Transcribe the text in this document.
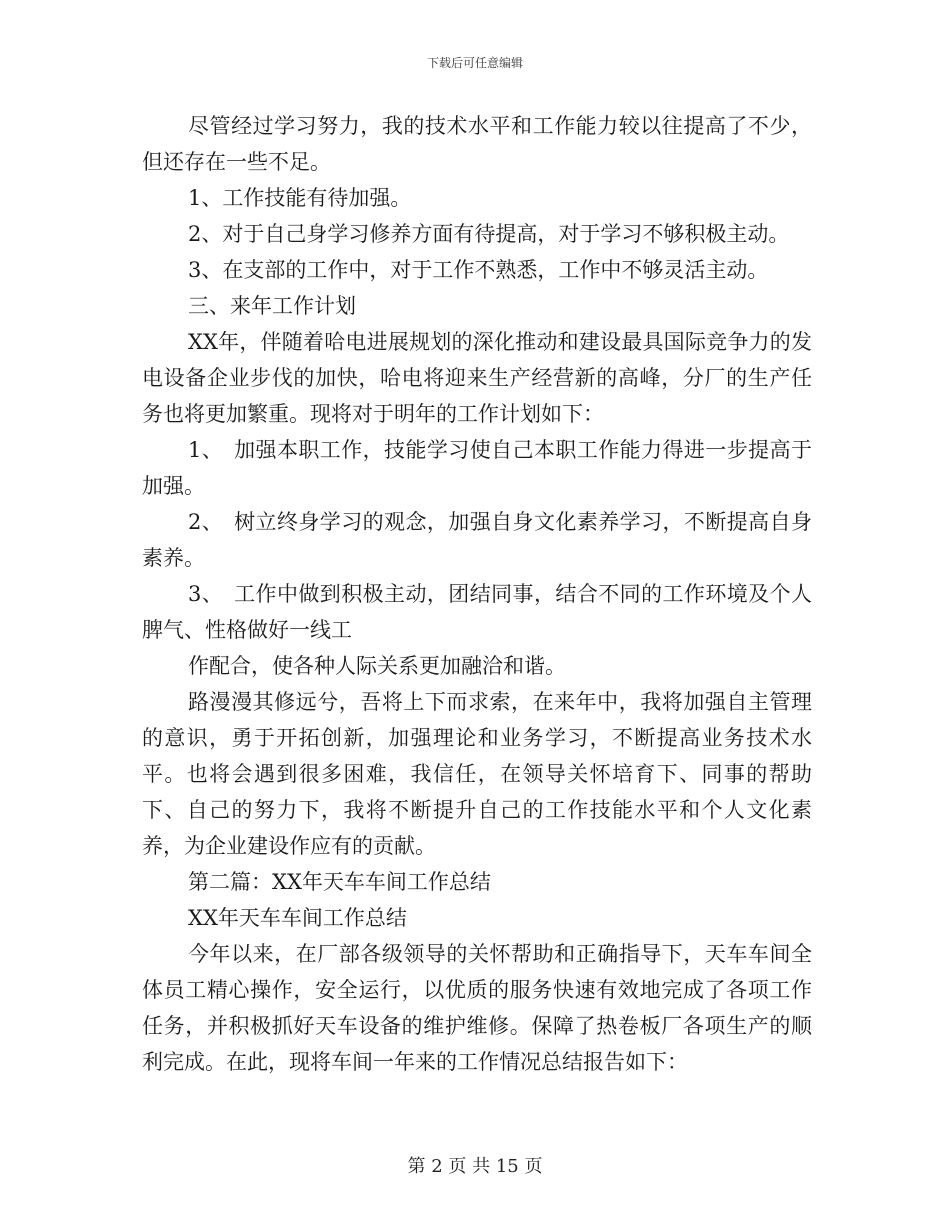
下载后可任意编辑

尽管经过学习努力，我的技术水平和工作能力较以往提高了不少，但还存在一些不足。

1、工作技能有待加强。

2、对于自己身学习修养方面有待提高，对于学习不够积极主动。

3、在支部的工作中，对于工作不熟悉，工作中不够灵活主动。

三、来年工作计划

XX年，伴随着哈电进展规划的深化推动和建设最具国际竞争力的发电设备企业步伐的加快，哈电将迎来生产经营新的高峰，分厂的生产任务也将更加繁重。现将对于明年的工作计划如下：

1、　加强本职工作，技能学习使自己本职工作能力得进一步提高于加强。

2、　树立终身学习的观念，加强自身文化素养学习，不断提高自身素养。

3、　工作中做到积极主动，团结同事，结合不同的工作环境及个人脾气、性格做好一线工

作配合，使各种人际关系更加融洽和谐。

路漫漫其修远兮，吾将上下而求索，在来年中，我将加强自主管理的意识，勇于开拓创新，加强理论和业务学习，不断提高业务技术水平。也将会遇到很多困难，我信任，在领导关怀培育下、同事的帮助下、自己的努力下，我将不断提升自己的工作技能水平和个人文化素养，为企业建设作应有的贡献。

第二篇：XX年天车车间工作总结

XX年天车车间工作总结

今年以来，在厂部各级领导的关怀帮助和正确指导下，天车车间全体员工精心操作，安全运行，以优质的服务快速有效地完成了各项工作任务，并积极抓好天车设备的维护维修。保障了热卷板厂各项生产的顺利完成。在此，现将车间一年来的工作情况总结报告如下：

第 2 页 共 15 页
